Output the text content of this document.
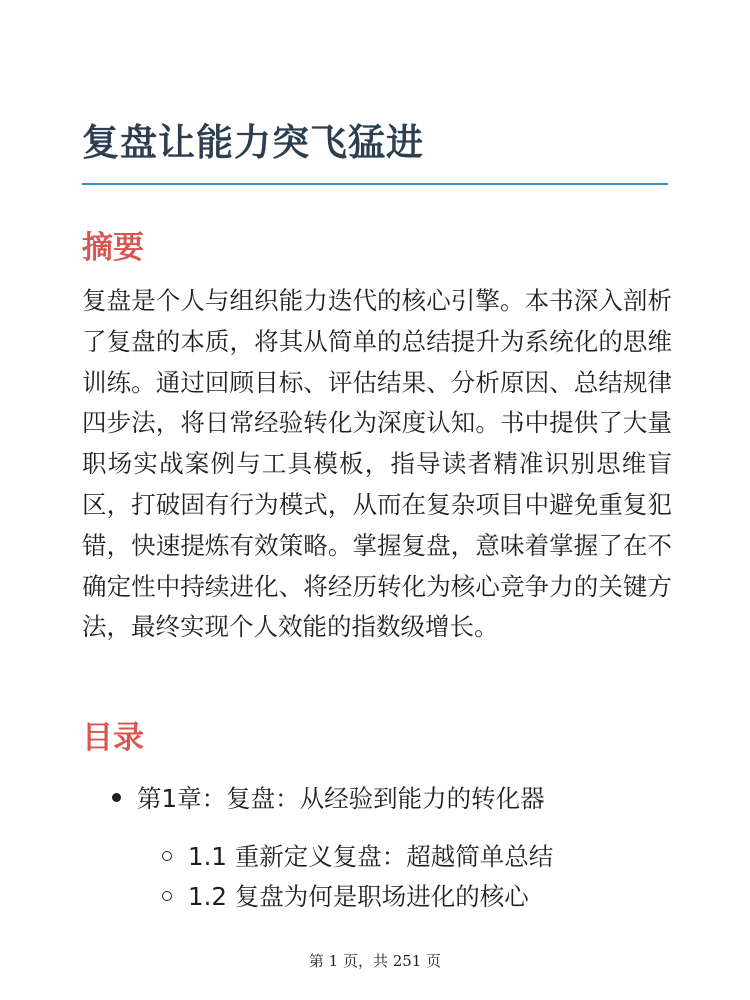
复盘让能力突飞猛进
摘要

复盘是个人与组织能力迭代的核心引擎。本书深入剖析了复盘的本质，将其从简单的总结提升为系统化的思维训练。通过回顾目标、评估结果、分析原因、总结规律四步法，将日常经验转化为深度认知。书中提供了大量职场实战案例与工具模板，指导读者精准识别思维盲区，打破固有行为模式，从而在复杂项目中避免重复犯错，快速提炼有效策略。掌握复盘，意味着掌握了在不确定性中持续进化、将经历转化为核心竞争力的关键方法，最终实现个人效能的指数级增长。

目录
第1章：复盘：从经验到能力的转化器
1.1 重新定义复盘：超越简单总结
1.2 复盘为何是职场进化的核心
第 1 页，共 251 页
